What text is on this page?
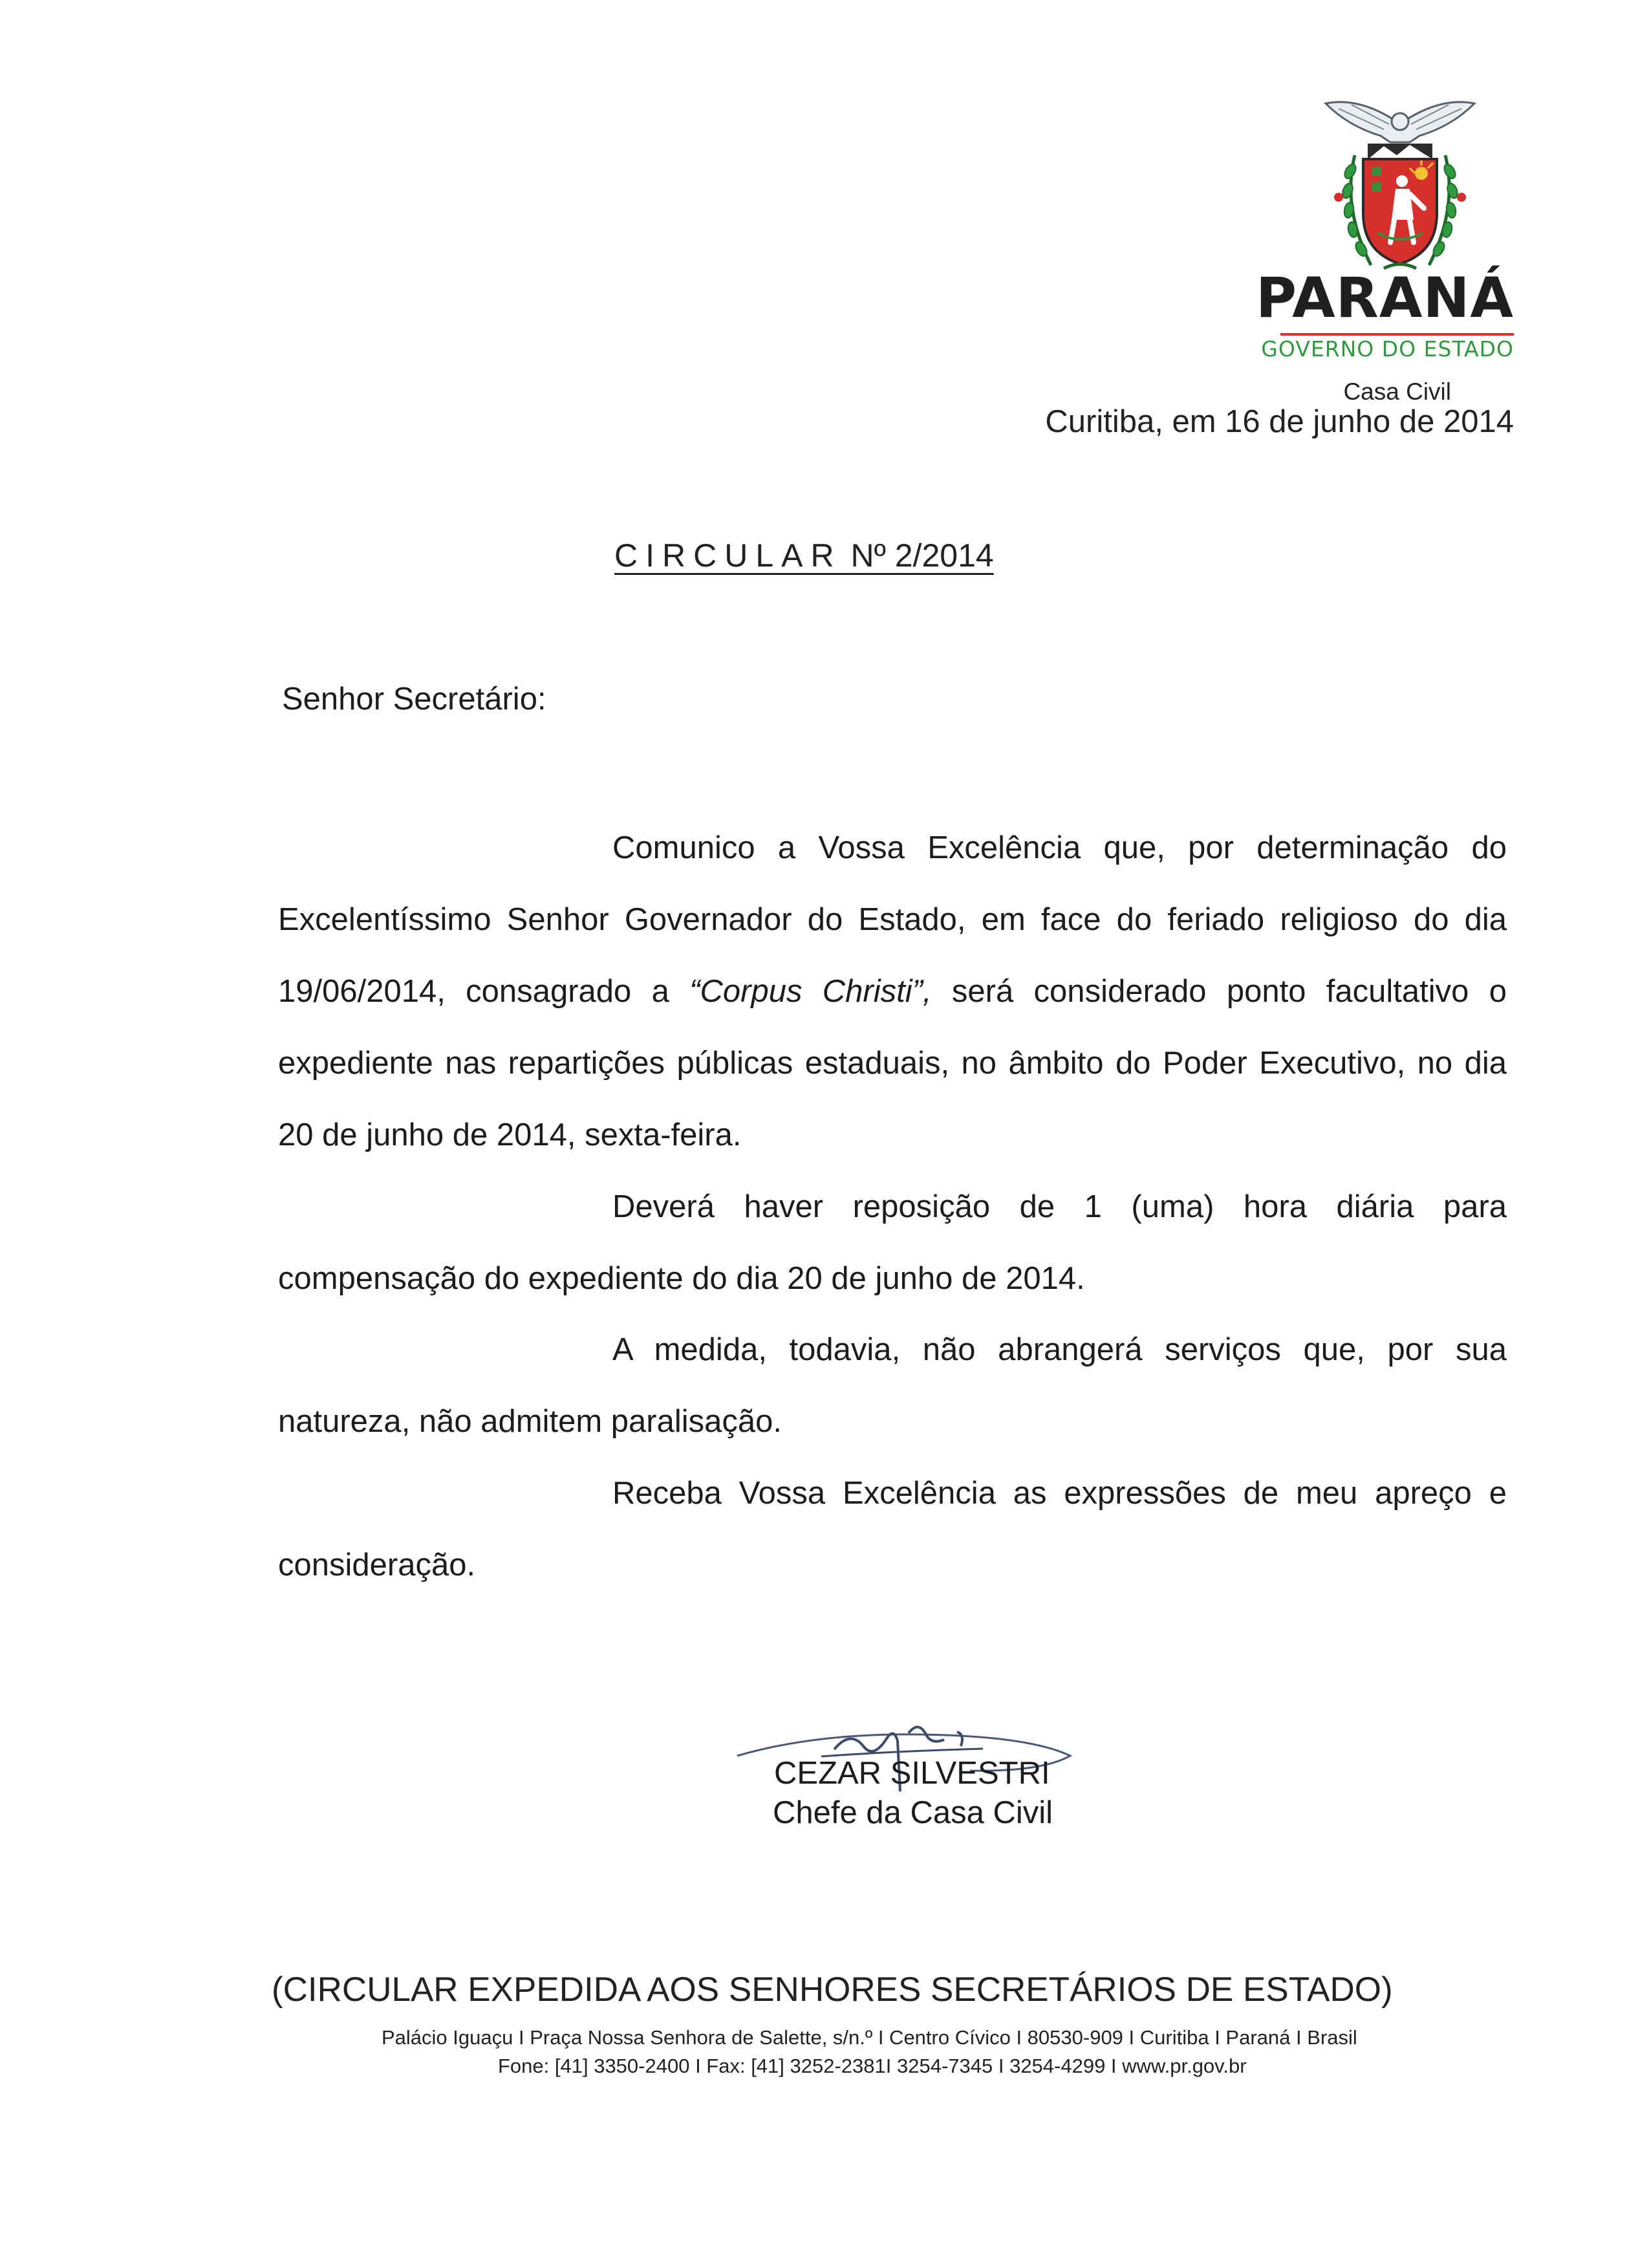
PARANÁ
GOVERNO DO ESTADO
Casa Civil
Curitiba, em 16 de junho de 2014
CIRCULAR Nº 2/2014
Senhor Secretário:
Comunico a Vossa Excelência que, por determinação do Excelentíssimo Senhor Governador do Estado, em face do feriado religioso do dia 19/06/2014, consagrado a “Corpus Christi”, será considerado ponto facultativo o expediente nas repartições públicas estaduais, no âmbito do Poder Executivo, no dia 20 de junho de 2014, sexta-feira.
Deverá haver reposição de 1 (uma) hora diária para compensação do expediente do dia 20 de junho de 2014.
A medida, todavia, não abrangerá serviços que, por sua natureza, não admitem paralisação.
Receba Vossa Excelência as expressões de meu apreço e consideração.
CEZAR SILVESTRI
Chefe da Casa Civil
(CIRCULAR EXPEDIDA AOS SENHORES SECRETÁRIOS DE ESTADO)
Palácio Iguaçu I Praça Nossa Senhora de Salette, s/n.º I Centro Cívico I 80530-909 I Curitiba I Paraná I Brasil
Fone: [41] 3350-2400 I Fax: [41] 3252-2381I 3254-7345 I 3254-4299 I www.pr.gov.br
